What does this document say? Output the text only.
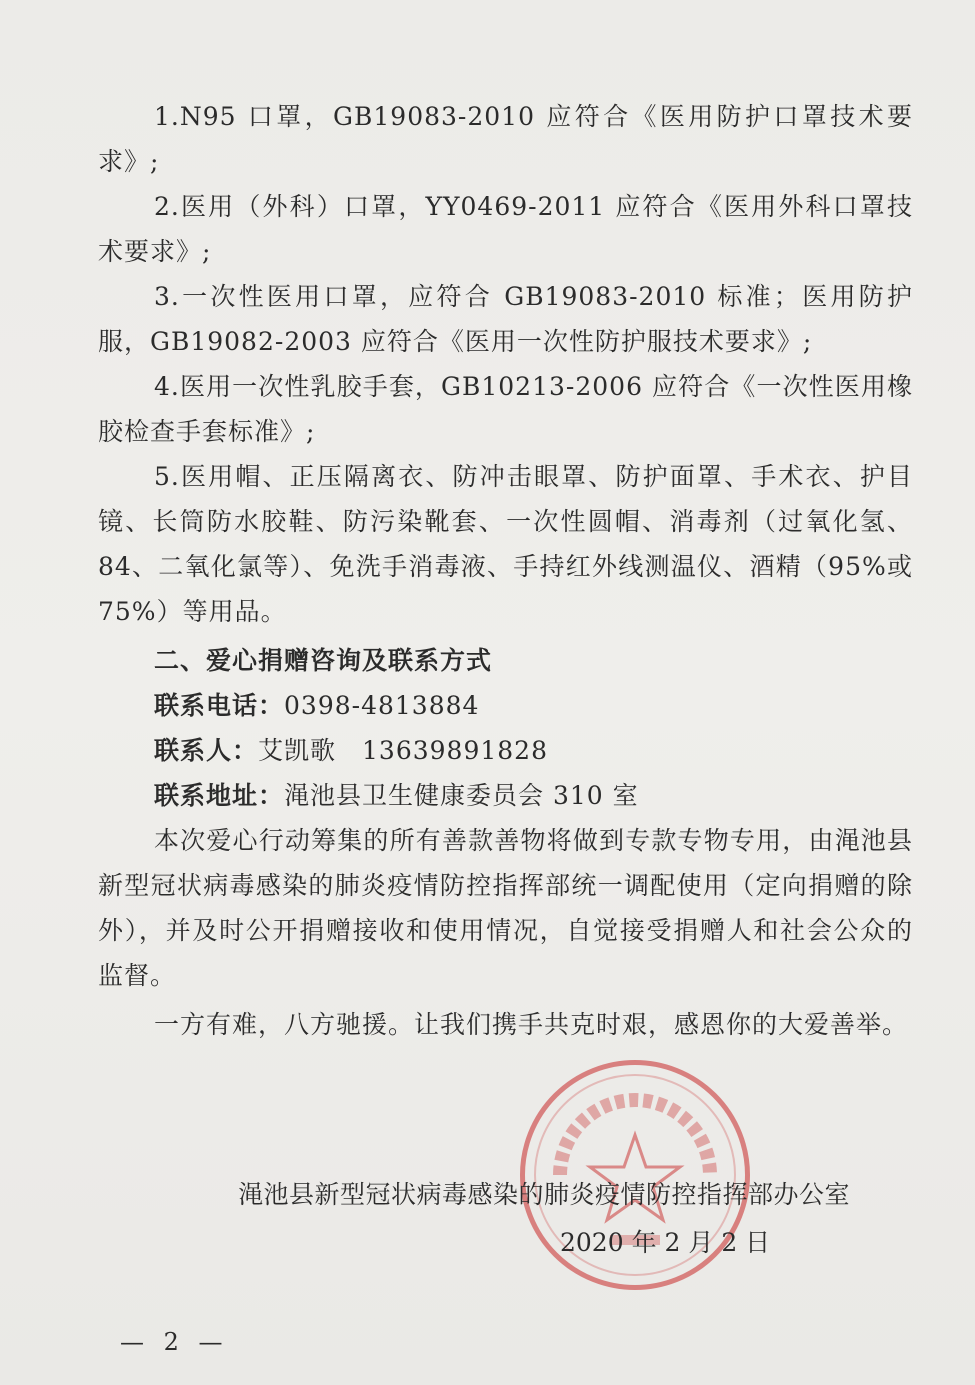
1.N95 口罩，GB19083-2010 应符合《医用防护口罩技术要求》;

2.医用（外科）口罩，YY0469-2011 应符合《医用外科口罩技术要求》;

3.一次性医用口罩，应符合 GB19083-2010 标准；医用防护服，GB19082-2003 应符合《医用一次性防护服技术要求》;

4.医用一次性乳胶手套，GB10213-2006 应符合《一次性医用橡胶检查手套标准》;

5.医用帽、正压隔离衣、防冲击眼罩、防护面罩、手术衣、护目镜、长筒防水胶鞋、防污染靴套、一次性圆帽、消毒剂（过氧化氢、84、二氧化氯等）、免洗手消毒液、手持红外线测温仪、酒精（95%或 75%）等用品。

二、爱心捐赠咨询及联系方式

联系电话：0398-4813884

联系人：艾凯歌　13639891828

联系地址：渑池县卫生健康委员会 310 室

本次爱心行动筹集的所有善款善物将做到专款专物专用，由渑池县新型冠状病毒感染的肺炎疫情防控指挥部统一调配使用（定向捐赠的除外），并及时公开捐赠接收和使用情况，自觉接受捐赠人和社会公众的监督。

一方有难，八方驰援。让我们携手共克时艰，感恩你的大爱善举。

渑池县新型冠状病毒感染的肺炎疫情防控指挥部办公室
2020 年 2 月 2 日
— 2 —
